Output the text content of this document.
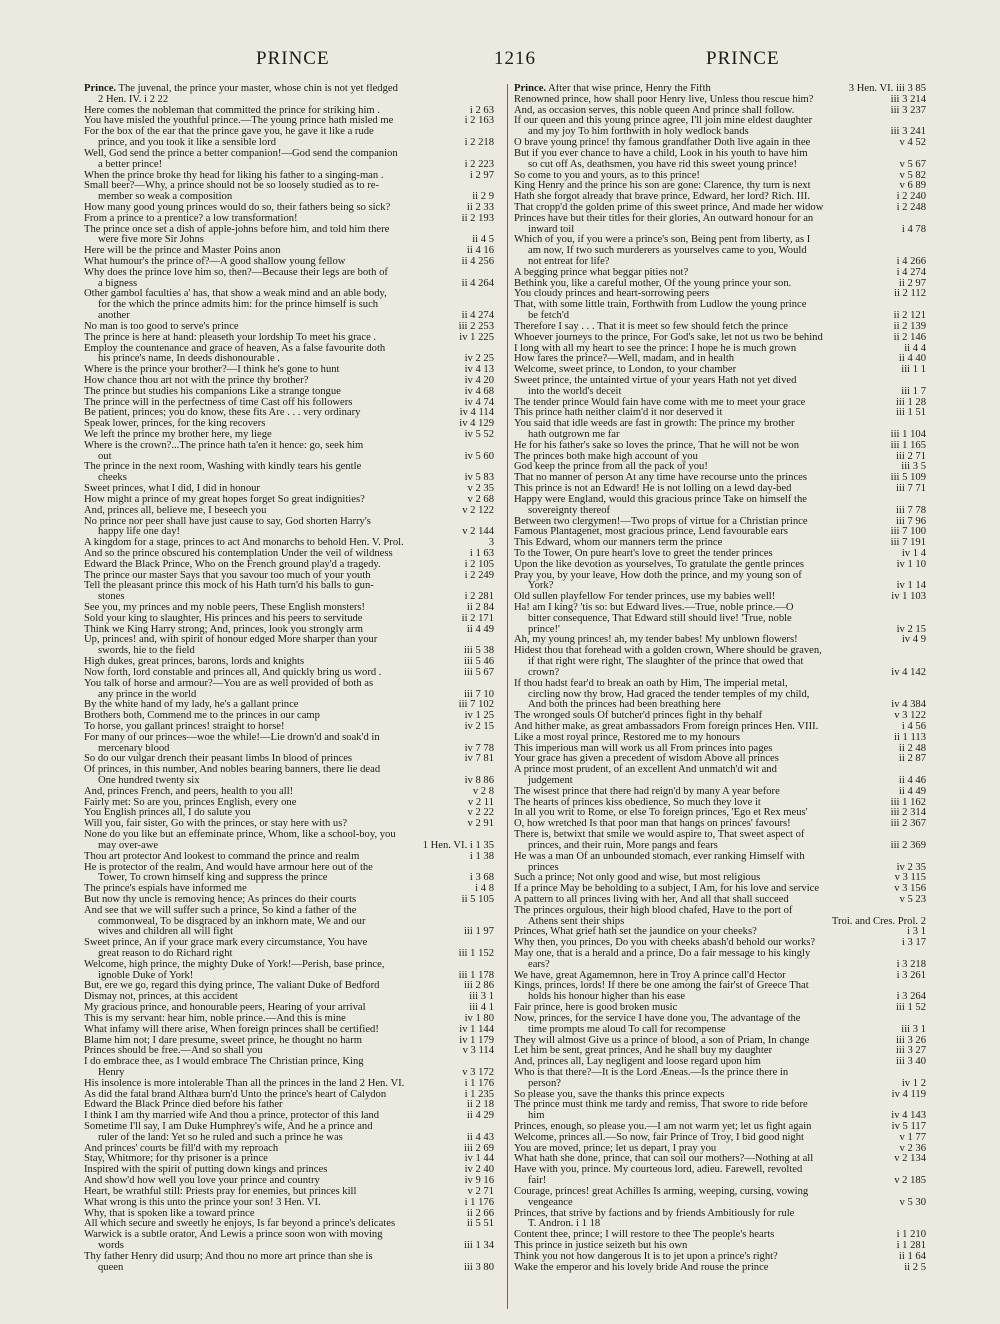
PRINCE	1216	PRINCE
Prince. The juvenal, the prince your master, whose chin is not yet fledged
2 Hen. IV. i 2 22
Here comes the nobleman that committed the prince for striking him .	i 2 63
You have misled the youthful prince.—The young prince hath misled me	i 2 163
For the box of the ear that the prince gave you, he gave it like a rude
prince, and you took it like a sensible lord	i 2 218
Well, God send the prince a better companion!—God send the companion
a better prince!	i 2 223
When the prince broke thy head for liking his father to a singing-man .	i 2 97
Small beer?—Why, a prince should not be so loosely studied as to re-
member so weak a composition	ii 2 9
How many good young princes would do so, their fathers being so sick?	ii 2 33
From a prince to a prentice? a low transformation!	ii 2 193
The prince once set a dish of apple-johns before him, and told him there
were five more Sir Johns	ii 4 5
Here will be the prince and Master Poins anon	ii 4 16
What humour's the prince of?—A good shallow young fellow	ii 4 256
Why does the prince love him so, then?—Because their legs are both of
a bigness	ii 4 264
Other gambol faculties a' has, that show a weak mind and an able body,
for the which the prince admits him: for the prince himself is such
another	ii 4 274
No man is too good to serve's prince	iii 2 253
The prince is here at hand: pleaseth your lordship To meet his grace .	iv 1 225
Employ the countenance and grace of heaven, As a false favourite doth
his prince's name, In deeds dishonourable .	iv 2 25
Where is the prince your brother?—I think he's gone to hunt	iv 4 13
How chance thou art not with the prince thy brother?	iv 4 20
The prince but studies his companions Like a strange tongue	iv 4 68
The prince will in the perfectness of time Cast off his followers	iv 4 74
Be patient, princes; you do know, these fits Are . . . very ordinary	iv 4 114
Speak lower, princes, for the king recovers	iv 4 129
We left the prince my brother here, my liege	iv 5 52
Where is the crown?...The prince hath ta'en it hence: go, seek him
out	iv 5 60
The prince in the next room, Washing with kindly tears his gentle
cheeks	iv 5 83
Sweet princes, what I did, I did in honour	v 2 35
How might a prince of my great hopes forget So great indignities?	v 2 68
And, princes all, believe me, I beseech you	v 2 122
No prince nor peer shall have just cause to say, God shorten Harry's
happy life one day!	v 2 144
A kingdom for a stage, princes to act And monarchs to behold Hen. V. Prol.	3
And so the prince obscured his contemplation Under the veil of wildness	i 1 63
Edward the Black Prince, Who on the French ground play'd a tragedy.	i 2 105
The prince our master Says that you savour too much of your youth	i 2 249
Tell the pleasant prince this mock of his Hath turn'd his balls to gun-
stones	i 2 281
See you, my princes and my noble peers, These English monsters!	ii 2 84
Sold your king to slaughter, His princes and his peers to servitude	ii 2 171
Think we King Harry strong; And, princes, look you strongly arm	ii 4 49
Up, princes! and, with spirit of honour edged More sharper than your
swords, hie to the field	iii 5 38
High dukes, great princes, barons, lords and knights	iii 5 46
Now forth, lord constable and princes all, And quickly bring us word .	iii 5 67
You talk of horse and armour?—You are as well provided of both as
any prince in the world	iii 7 10
By the white hand of my lady, he's a gallant prince	iii 7 102
Brothers both, Commend me to the princes in our camp	iv 1 25
To horse, you gallant princes! straight to horse!	iv 2 15
For many of our princes—woe the while!—Lie drown'd and soak'd in
mercenary blood	iv 7 78
So do our vulgar drench their peasant limbs In blood of princes	iv 7 81
Of princes, in this number, And nobles bearing banners, there lie dead
One hundred twenty six	iv 8 86
And, princes French, and peers, health to you all!	v 2 8
Fairly met: So are you, princes English, every one	v 2 11
You English princes all, I do salute you	v 2 22
Will you, fair sister, Go with the princes, or stay here with us?	v 2 91
None do you like but an effeminate prince, Whom, like a school-boy, you
may over-awe	1 Hen. VI. i 1 35
Thou art protector And lookest to command the prince and realm	i 1 38
He is protector of the realm, And would have armour here out of the
Tower, To crown himself king and suppress the prince	i 3 68
The prince's espials have informed me	i 4 8
But now thy uncle is removing hence; As princes do their courts	ii 5 105
And see that we will suffer such a prince, So kind a father of the
commonweal, To be disgraced by an inkhorn mate, We and our
wives and children all will fight	iii 1 97
Sweet prince, An if your grace mark every circumstance, You have
great reason to do Richard right	iii 1 152
Welcome, high prince, the mighty Duke of York!—Perish, base prince,
ignoble Duke of York!	iii 1 178
But, ere we go, regard this dying prince, The valiant Duke of Bedford	iii 2 86
Dismay not, princes, at this accident	iii 3 1
My gracious prince, and honourable peers, Hearing of your arrival	iii 4 1
This is my servant: hear him, noble prince.—And this is mine	iv 1 80
What infamy will there arise, When foreign princes shall be certified!	iv 1 144
Blame him not; I dare presume, sweet prince, he thought no harm	iv 1 179
Princes should be free.—And so shall you	v 3 114
I do embrace thee, as I would embrace The Christian prince, King
Henry	v 3 172
His insolence is more intolerable Than all the princes in the land 2 Hen. VI.	i 1 176
As did the fatal brand Althæa burn'd Unto the prince's heart of Calydon	i 1 235
Edward the Black Prince died before his father	ii 2 18
I think I am thy married wife And thou a prince, protector of this land	ii 4 29
Sometime I'll say, I am Duke Humphrey's wife, And he a prince and
ruler of the land: Yet so he ruled and such a prince he was	ii 4 43
And princes' courts be fill'd with my reproach	iii 2 69
Stay, Whitmore; for thy prisoner is a prince	iv 1 44
Inspired with the spirit of putting down kings and princes	iv 2 40
And show'd how well you love your prince and country	iv 9 16
Heart, be wrathful still: Priests pray for enemies, but princes kill	v 2 71
What wrong is this unto the prince your son! 3 Hen. VI.	i 1 176
Why, that is spoken like a toward prince	ii 2 66
All which secure and sweetly he enjoys, Is far beyond a prince's delicates	ii 5 51
Warwick is a subtle orator, And Lewis a prince soon won with moving
words	iii 1 34
Thy father Henry did usurp; And thou no more art prince than she is
queen	iii 3 80
Prince. After that wise prince, Henry the Fifth	3 Hen. VI. iii 3 85
Renowned prince, how shall poor Henry live, Unless thou rescue him?	iii 3 214
And, as occasion serves, this noble queen And prince shall follow.	iii 3 237
If our queen and this young prince agree, I'll join mine eldest daughter
and my joy To him forthwith in holy wedlock bands	iii 3 241
O brave young prince! thy famous grandfather Doth live again in thee	v 4 52
But if you ever chance to have a child, Look in his youth to have him
so cut off As, deathsmen, you have rid this sweet young prince!	v 5 67
So come to you and yours, as to this prince!	v 5 82
King Henry and the prince his son are gone: Clarence, thy turn is next	v 6 89
Hath she forgot already that brave prince, Edward, her lord? Rich. III.	i 2 240
That cropp'd the golden prime of this sweet prince, And made her widow	i 2 248
Princes have but their titles for their glories, An outward honour for an
inward toil	i 4 78
Which of you, if you were a prince's son, Being pent from liberty, as I
am now, If two such murderers as yourselves came to you, Would
not entreat for life?	i 4 266
A begging prince what beggar pities not?	i 4 274
Bethink you, like a careful mother, Of the young prince your son.	ii 2 97
You cloudy princes and heart-sorrowing peers	ii 2 112
That, with some little train, Forthwith from Ludlow the young prince
be fetch'd	ii 2 121
Therefore I say . . . That it is meet so few should fetch the prince	ii 2 139
Whoever journeys to the prince, For God's sake, let not us two be behind	ii 2 146
I long with all my heart to see the prince: I hope he is much grown	ii 4 4
How fares the prince?—Well, madam, and in health	ii 4 40
Welcome, sweet prince, to London, to your chamber	iii 1 1
Sweet prince, the untainted virtue of your years Hath not yet dived
into the world's deceit	iii 1 7
The tender prince Would fain have come with me to meet your grace	iii 1 28
This prince hath neither claim'd it nor deserved it	iii 1 51
You said that idle weeds are fast in growth: The prince my brother
hath outgrown me far	iii 1 104
He for his father's sake so loves the prince, That he will not be won	iii 1 165
The princes both make high account of you	iii 2 71
God keep the prince from all the pack of you!	iii 3 5
That no manner of person At any time have recourse unto the princes	iii 5 109
This prince is not an Edward! He is not lolling on a lewd day-bed	iii 7 71
Happy were England, would this gracious prince Take on himself the
sovereignty thereof	iii 7 78
Between two clergymen!—Two props of virtue for a Christian prince	iii 7 96
Famous Plantagenet, most gracious prince, Lend favourable ears	iii 7 100
This Edward, whom our manners term the prince	iii 7 191
To the Tower, On pure heart's love to greet the tender princes	iv 1 4
Upon the like devotion as yourselves, To gratulate the gentle princes	iv 1 10
Pray you, by your leave, How doth the prince, and my young son of
York?	iv 1 14
Old sullen playfellow For tender princes, use my babies well!	iv 1 103
Ha! am I king? 'tis so: but Edward lives.—True, noble prince.—O
bitter consequence, That Edward still should live! 'True, noble
prince!'	iv 2 15
Ah, my young princes! ah, my tender babes! My unblown flowers!	iv 4 9
Hidest thou that forehead with a golden crown, Where should be graven,
if that right were right, The slaughter of the prince that owed that
crown?	iv 4 142
If thou hadst fear'd to break an oath by Him, The imperial metal,
circling now thy brow, Had graced the tender temples of my child,
And both the princes had been breathing here	iv 4 384
The wronged souls Of butcher'd princes fight in thy behalf	v 3 122
And hither make, as great ambassadors From foreign princes Hen. VIII.	i 4 56
Like a most royal prince, Restored me to my honours	ii 1 113
This imperious man will work us all From princes into pages	ii 2 48
Your grace has given a precedent of wisdom Above all princes	ii 2 87
A prince most prudent, of an excellent And unmatch'd wit and
judgement	ii 4 46
The wisest prince that there had reign'd by many A year before	ii 4 49
The hearts of princes kiss obedience, So much they love it	iii 1 162
In all you writ to Rome, or else To foreign princes, 'Ego et Rex meus'	iii 2 314
O, how wretched Is that poor man that hangs on princes' favours!	iii 2 367
There is, betwixt that smile we would aspire to, That sweet aspect of
princes, and their ruin, More pangs and fears	iii 2 369
He was a man Of an unbounded stomach, ever ranking Himself with
princes	iv 2 35
Such a prince; Not only good and wise, but most religious	v 3 115
If a prince May be beholding to a subject, I Am, for his love and service	v 3 156
A pattern to all princes living with her, And all that shall succeed	v 5 23
The princes orgulous, their high blood chafed, Have to the port of
Athens sent their ships	Troi. and Cres. Prol. 2
Princes, What grief hath set the jaundice on your cheeks?	i 3 1
Why then, you princes, Do you with cheeks abash'd behold our works?	i 3 17
May one, that is a herald and a prince, Do a fair message to his kingly
ears?	i 3 218
We have, great Agamemnon, here in Troy A prince call'd Hector	i 3 261
Kings, princes, lords! If there be one among the fair'st of Greece That
holds his honour higher than his ease	i 3 264
Fair prince, here is good broken music	iii 1 52
Now, princes, for the service I have done you, The advantage of the
time prompts me aloud To call for recompense	iii 3 1
They will almost Give us a prince of blood, a son of Priam, In change	iii 3 26
Let him be sent, great princes, And he shall buy my daughter	iii 3 27
And, princes all, Lay negligent and loose regard upon him	iii 3 40
Who is that there?—It is the Lord Æneas.—Is the prince there in
person?	iv 1 2
So please you, save the thanks this prince expects	iv 4 119
The prince must think me tardy and remiss, That swore to ride before
him	iv 4 143
Princes, enough, so please you.—I am not warm yet; let us fight again	iv 5 117
Welcome, princes all.—So now, fair Prince of Troy, I bid good night	v 1 77
You are moved, prince; let us depart, I pray you	v 2 36
What hath she done, prince, that can soil our mothers?—Nothing at all	v 2 134
Have with you, prince. My courteous lord, adieu. Farewell, revolted
fair!	v 2 185
Courage, princes! great Achilles Is arming, weeping, cursing, vowing
vengeance	v 5 30
Princes, that strive by factions and by friends Ambitiously for rule
T. Andron. i 1 18
Content thee, prince; I will restore to thee The people's hearts	i 1 210
This prince in justice seizeth but his own	i 1 281
Think you not how dangerous It is to jet upon a prince's right?	ii 1 64
Wake the emperor and his lovely bride And rouse the prince	ii 2 5
